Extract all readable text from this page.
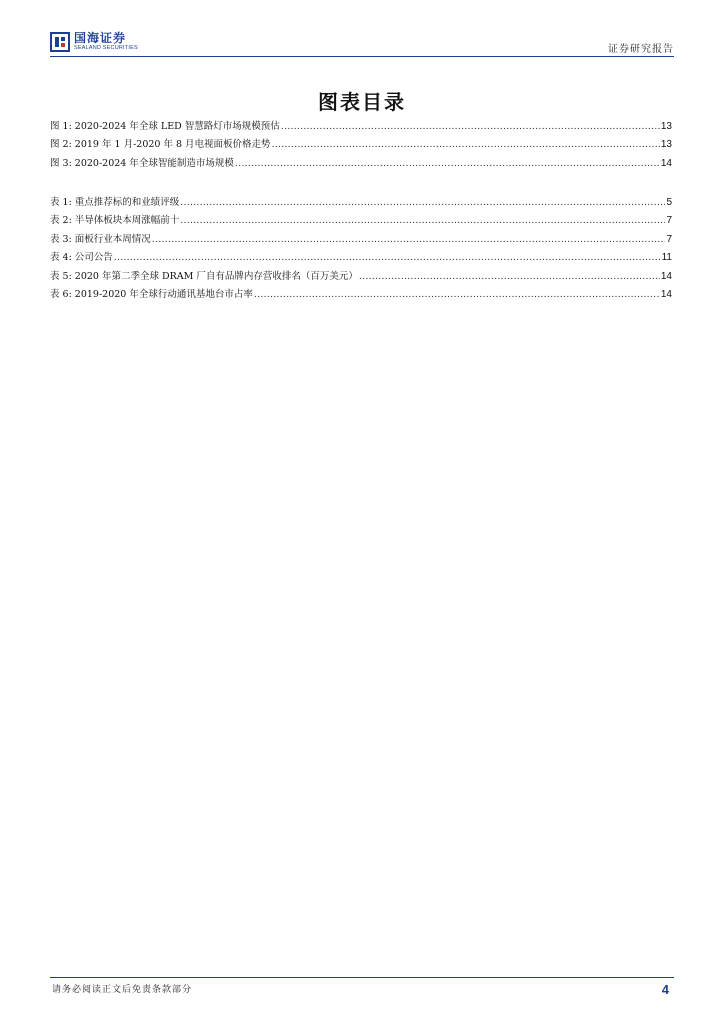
国海证券
SEALAND SECURITIES	证券研究报告
图表目录
图 1: 2020-2024 年全球 LED 智慧路灯市场规模预估 .....	13
图 2: 2019 年 1 月-2020 年 8 月电视面板价格走势 .....	13
图 3: 2020-2024 年全球智能制造市场规模 .....	14
表 1: 重点推荐标的和业绩评级 .....	5
表 2: 半导体板块本周涨幅前十 .....	7
表 3: 面板行业本周情况 .....	7
表 4: 公司公告 .....	11
表 5: 2020 年第二季全球 DRAM 厂自有品牌内存营收排名（百万美元） .....	14
表 6: 2019-2020 年全球行动通讯基地台市占率 .....	14
请务必阅读正文后免责条款部分	4
